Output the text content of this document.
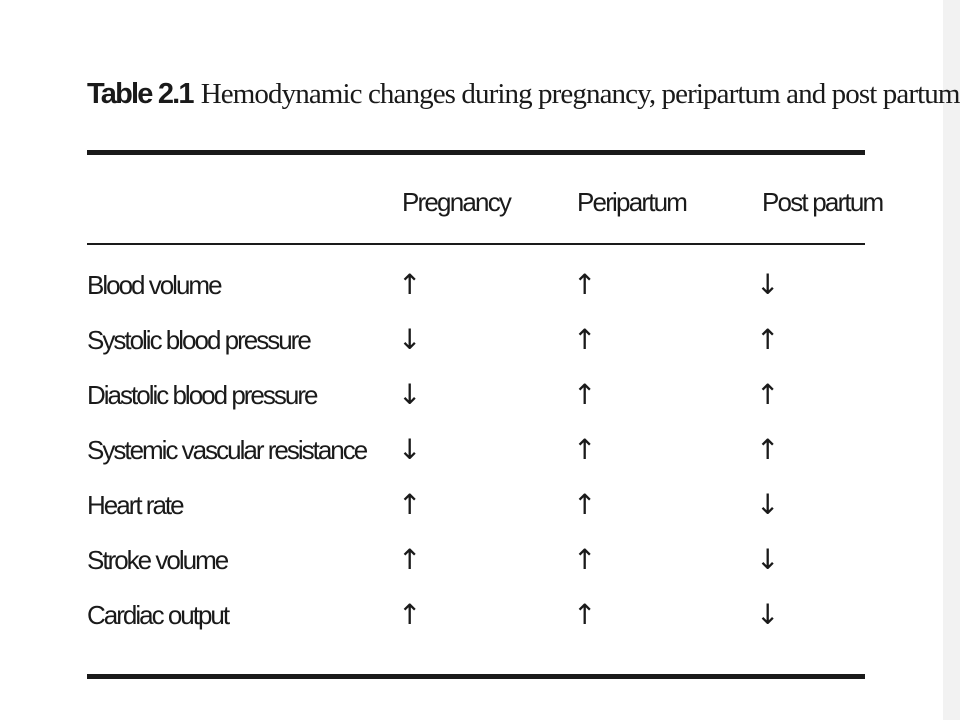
Table 2.1 Hemodynamic changes during pregnancy, peripartum and post partum
Pregnancy	Peripartum	Post partum
Blood volume	↑	↑	↓
Systolic blood pressure	↓	↑	↑
Diastolic blood pressure	↓	↑	↑
Systemic vascular resistance ↓	↑	↑
Heart rate	↑	↑	↓
Stroke volume	↑	↑	↓
Cardiac output	↑	↑	↓
